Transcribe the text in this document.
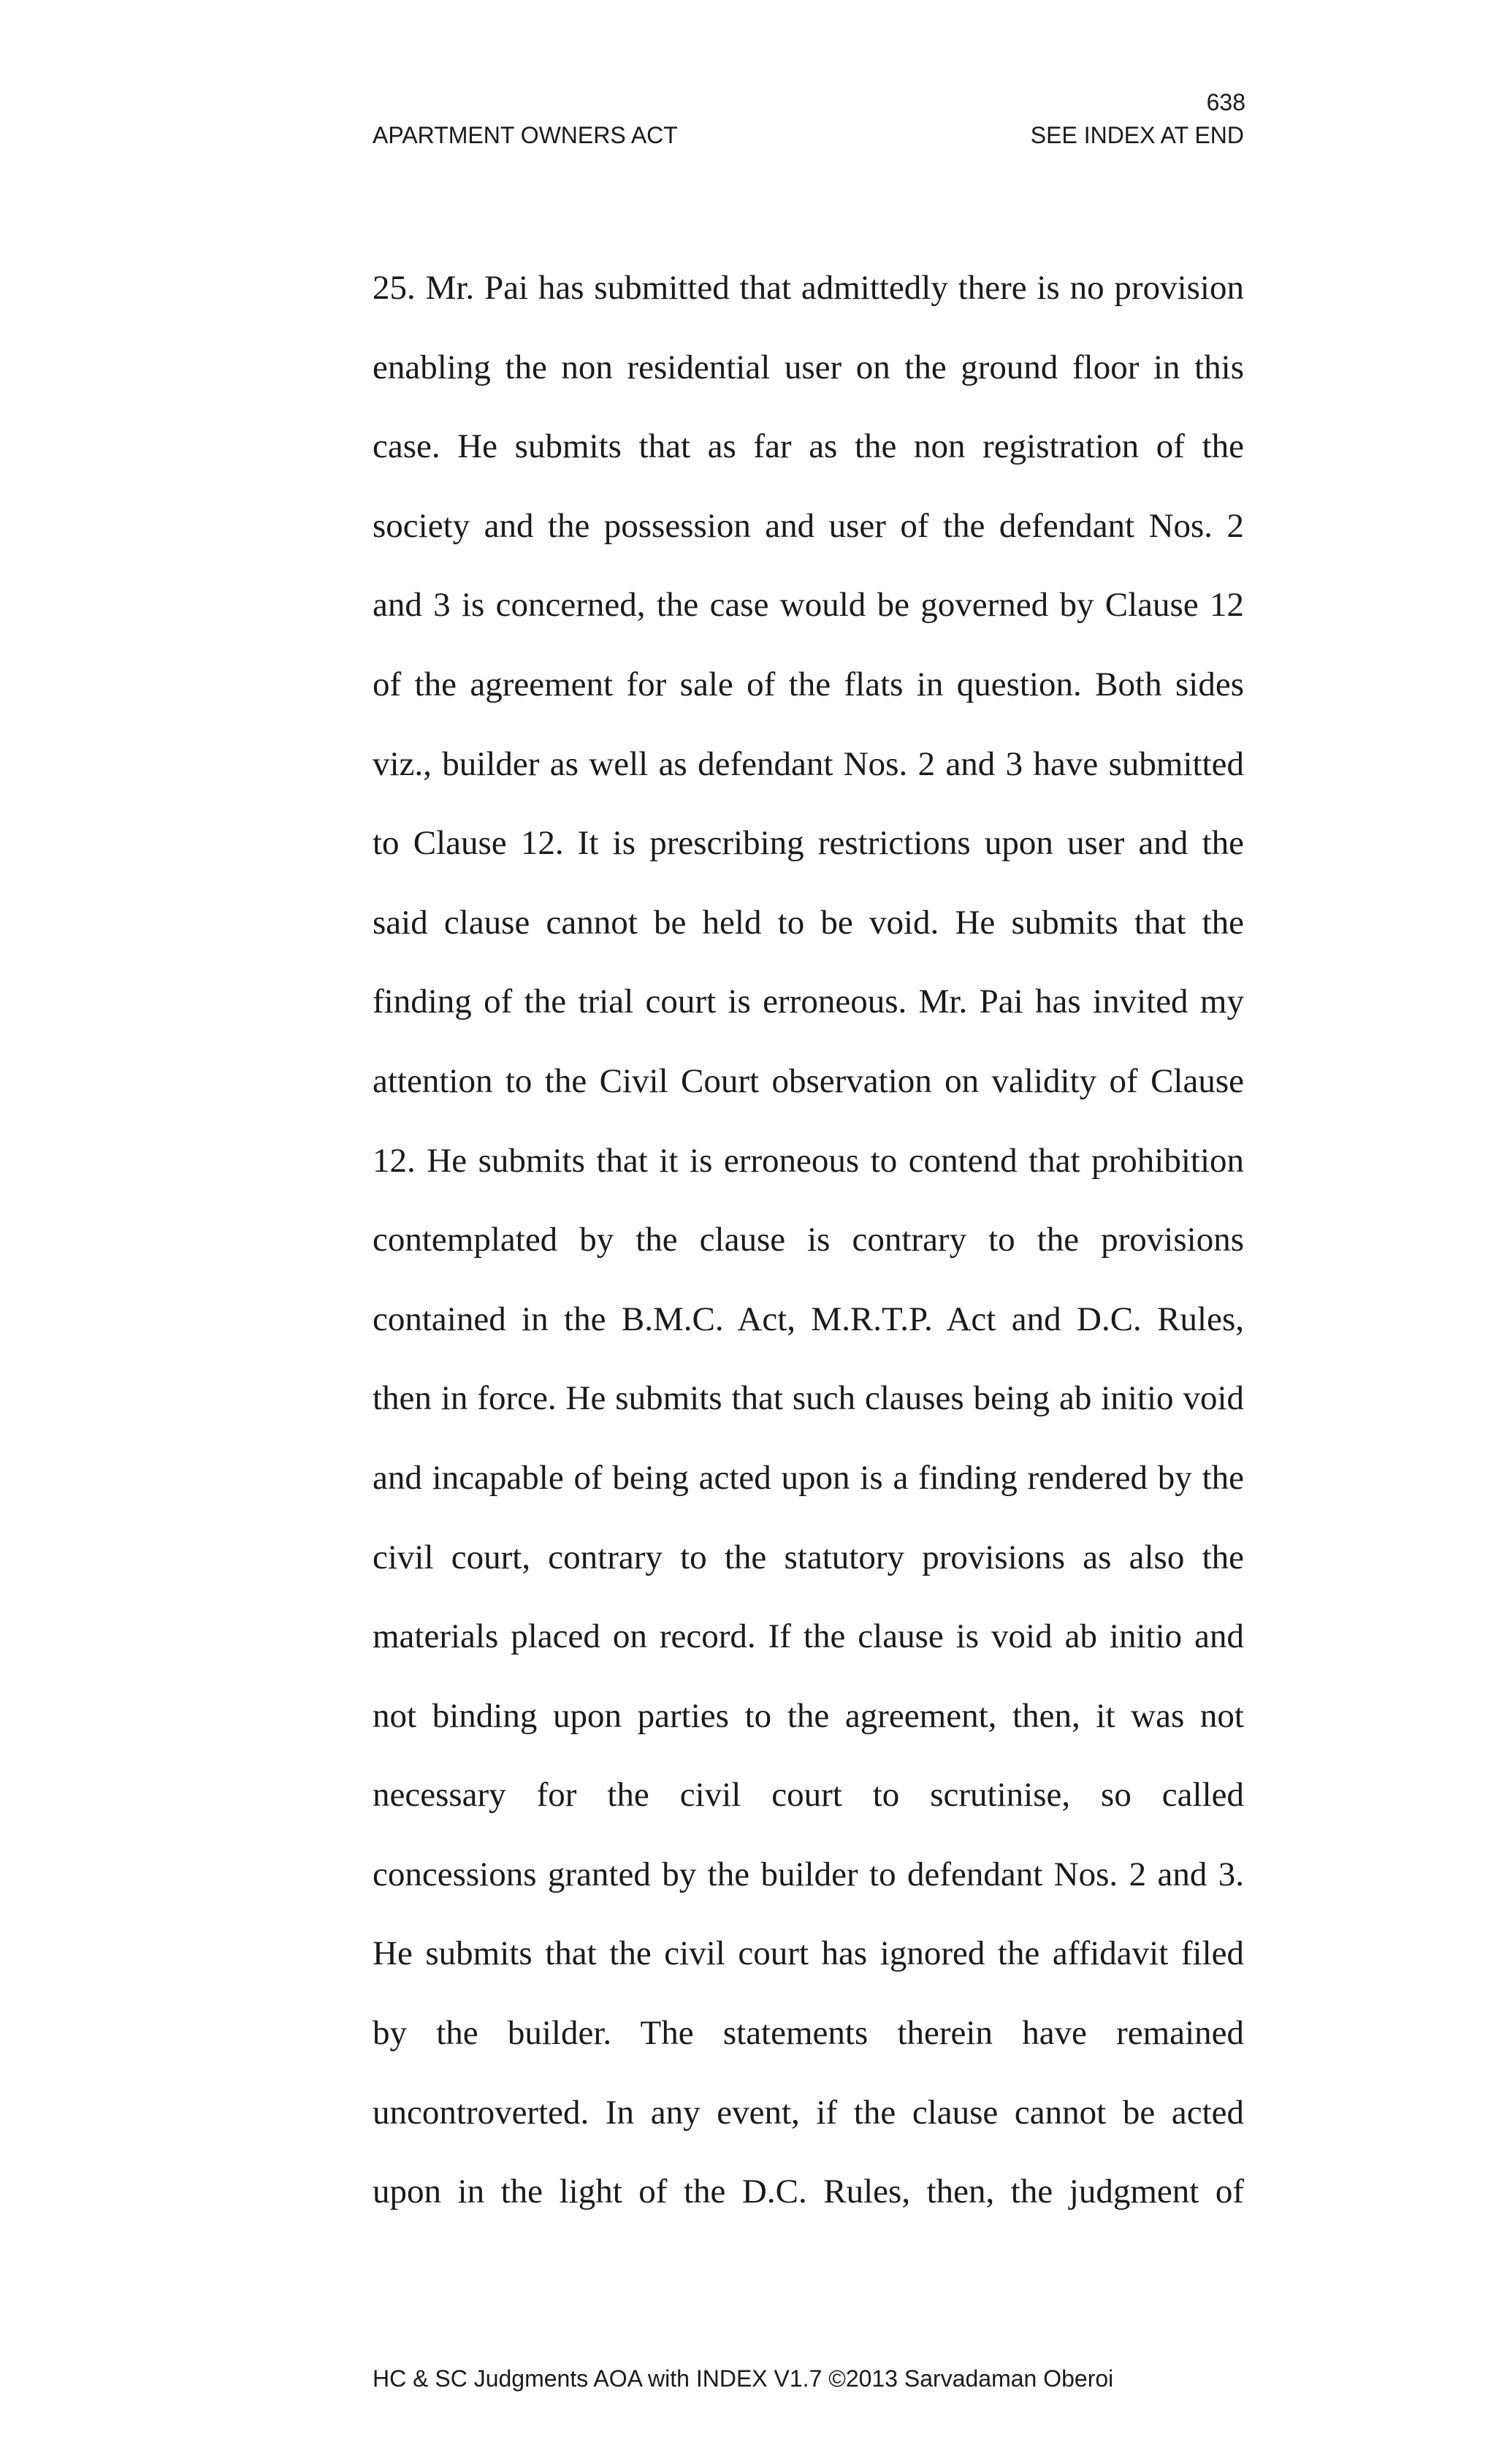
638
APARTMENT OWNERS ACT	SEE INDEX AT END
25. Mr. Pai has submitted that admittedly there is no provision
enabling the non residential user on the ground floor in this
case. He submits that as far as the non registration of the
society and the possession and user of the defendant Nos. 2
and 3 is concerned, the case would be governed by Clause 12
of the agreement for sale of the flats in question. Both sides
viz., builder as well as defendant Nos. 2 and 3 have submitted
to Clause 12. It is prescribing restrictions upon user and the
said clause cannot be held to be void. He submits that the
finding of the trial court is erroneous. Mr. Pai has invited my
attention to the Civil Court observation on validity of Clause
12. He submits that it is erroneous to contend that prohibition
contemplated by the clause is contrary to the provisions
contained in the B.M.C. Act, M.R.T.P. Act and D.C. Rules,
then in force. He submits that such clauses being ab initio void
and incapable of being acted upon is a finding rendered by the
civil court, contrary to the statutory provisions as also the
materials placed on record. If the clause is void ab initio and
not binding upon parties to the agreement, then, it was not
necessary for the civil court to scrutinise, so called
concessions granted by the builder to defendant Nos. 2 and 3.
He submits that the civil court has ignored the affidavit filed
by the builder. The statements therein have remained
uncontroverted. In any event, if the clause cannot be acted
upon in the light of the D.C. Rules, then, the judgment of
HC & SC Judgments AOA with INDEX V1.7 ©2013 Sarvadaman Oberoi
